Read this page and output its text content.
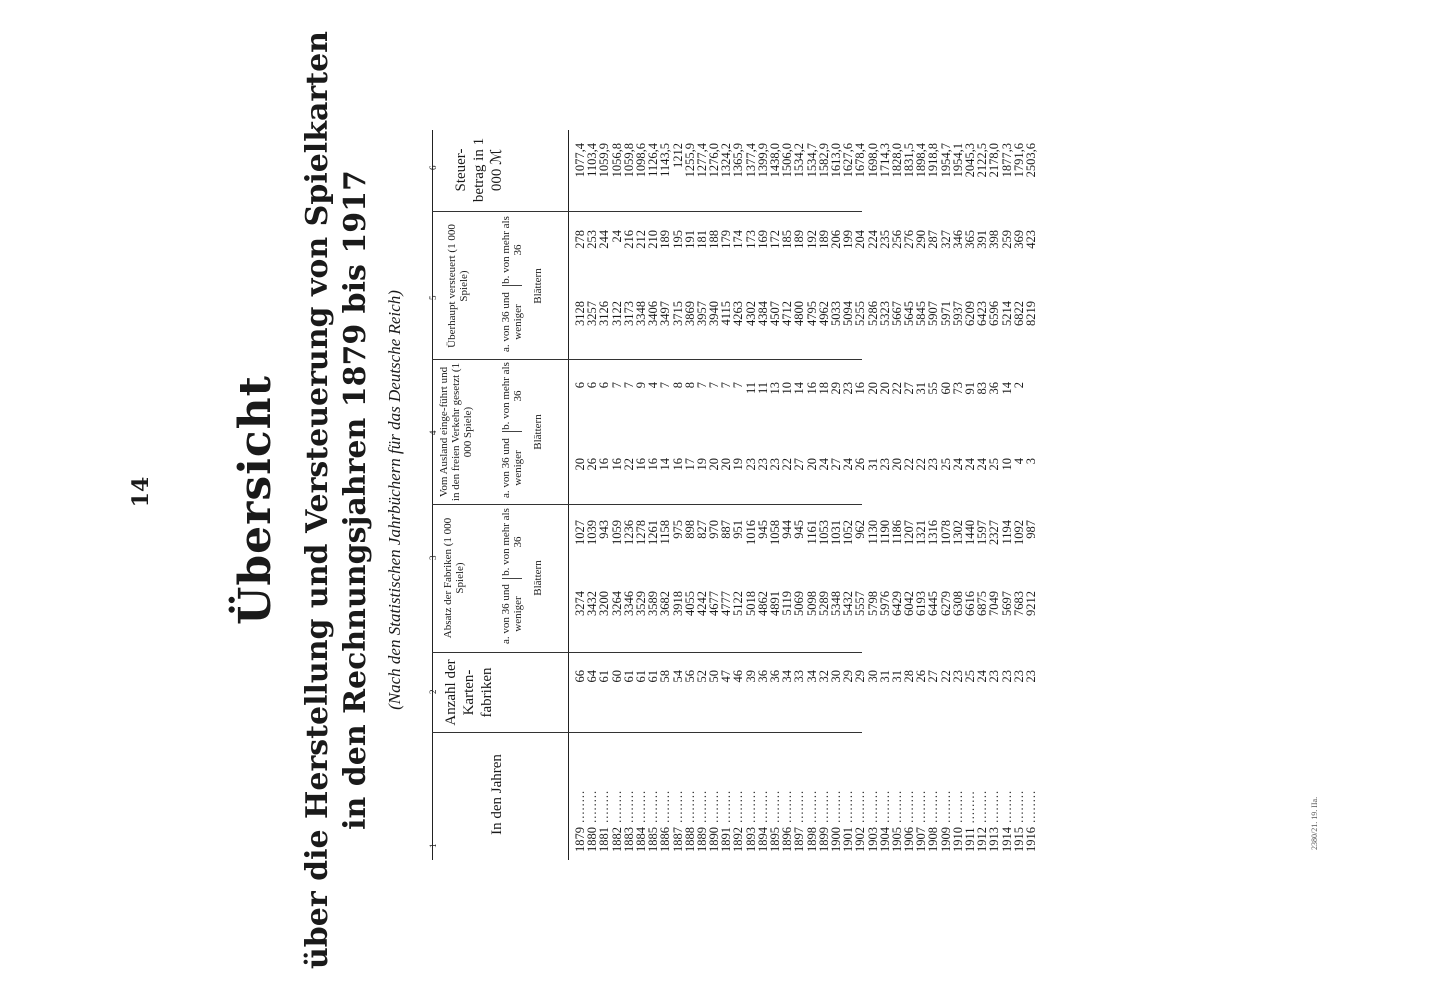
14 Übersicht über die Herstellung und Versteuerung von Spielkarten in den Rechnungsjahren 1879 bis 1917 (Nach den Statistischen Jahrbüchern für das Deutsche Reich)
1
2
3
4
5
6
In den Jahren
Anzahl der Karten-fabriken
Absatz der Fabriken (1 000 Spiele)
a. von 36 und weniger
b. von mehr als 36
Blättern
Vom Ausland einge-führt und in den freien Verkehr gesetzt (1 000 Spiele)
a. von 36 und weniger
b. von mehr als 36
Blättern
Überhaupt versteuert (1 000 Spiele)
a. von 36 und weniger
b. von mehr als 36
Blättern
Steuer-betrag in 1 000 ℳ
1879 .....
1880 .....
1881 .....
1882 .....
1883 .....
1884 .....
1885 .....
1886 .....
1887 .....
1888 .....
1889 .....
1890 .....
1891 .....
1892 .....
1893 .....
1894 .....
1895 .....
1896 .....
1897 .....
1898 .....
1899 .....
1900 .....
1901 .....
1902 .....
1903 .....
1904 .....
1905 .....
1906 .....
1907 .....
1908 .....
1909 .....
1910 .....
1911 .....
1912 .....
1913 .....
1914 .....
1915 .....
1916 .....
66
64
61
60
61
61
61
58
54
56
52
50
47
46
39
36
36
34
33
34
32
30
29
29
30
31
31
28
26
27
22
23
25
24
23
23
23
23
3274
3432
3200
3264
3346
3529
3589
3682
3918
4055
4242
4677
4777
5122
5018
4862
4891
5119
5069
5098
5289
5348
5432
5557
5798
5976
6429
6042
6193
6445
6279
6308
6616
6875
7049
5697
7683
9212
1027
1039
943
1059
1236
1278
1261
1158
975
898
827
970
887
951
1016
945
1058
944
945
1161
1053
1031
1052
962
1130
1190
1186
1207
1321
1316
1078
1302
1440
1597
2327
1194
1092
987
20
26
16
16
22
16
16
14
16
17
19
20
20
19
23
23
23
22
27
20
24
27
24
26
31
23
20
22
22
23
25
24
24
24
25
10
4
3
6
6
6
7
7
9
4
7
8
8
7
7
7
7
11
11
13
10
14
16
18
29
23
16
20
20
22
27
31
55
60
73
91
83
36
14
2
3128
3257
3126
3122
3173
3348
3406
3497
3715
3869
3957
3940
4115
4263
4302
4384
4507
4712
4800
4795
4962
5033
5094
5255
5286
5323
5667
5645
5845
5907
5971
5937
6209
6423
6596
5214
6822
8219
278
253
244
24
216
212
210
189
195
191
181
188
179
174
173
169
172
185
189
192
189
206
199
204
224
235
256
276
290
287
327
346
365
391
398
259
369
423
1077,4
1103,4
1059,9
1056,8
1059,8
1098,6
1126,4
1143,5
1212
1255,9
1277,4
1276,0
1324,2
1365,9
1377,4
1399,9
1438,0
1506,0
1534,2
1534,7
1582,9
1613,0
1627,6
1678,4
1698,0
1714,3
1828,0
1831,5
1898,4
1918,8
1954,7
1954,1
2045,3
2122,5
2178,0
1877,3
1791,6
2503,6
2380/21. 19. IIa.
